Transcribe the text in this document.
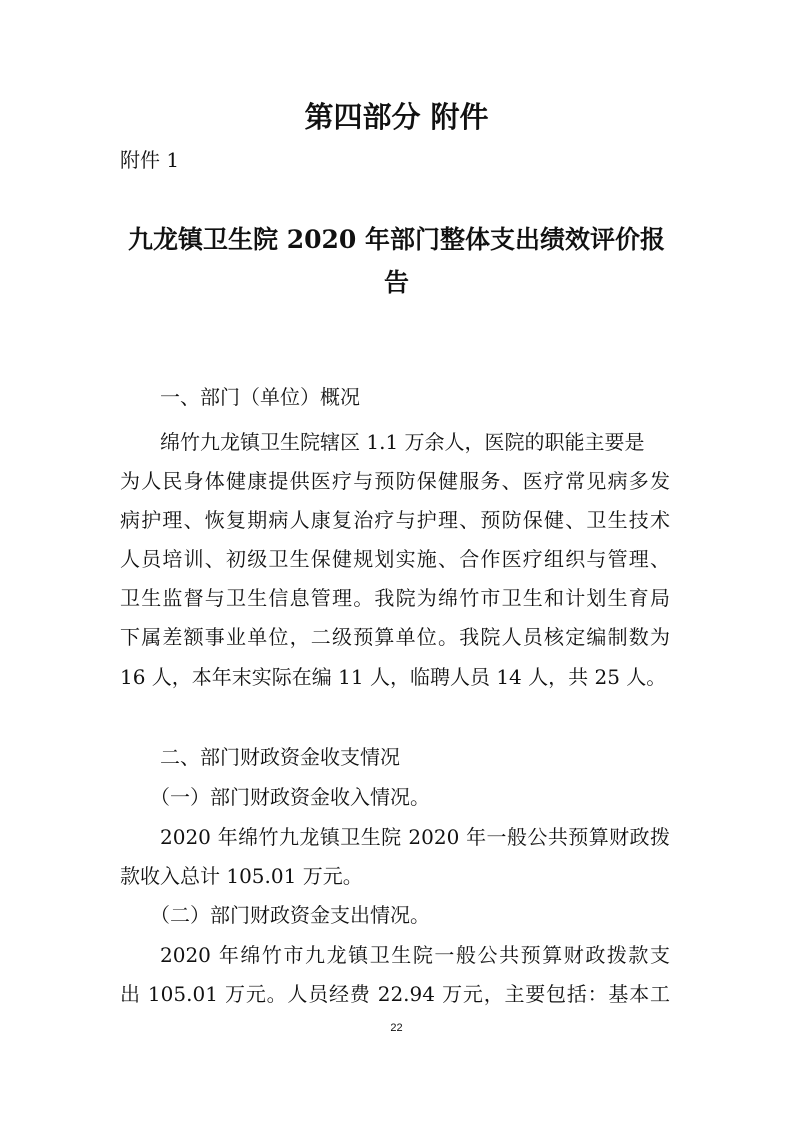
第四部分 附件
附件 1
九龙镇卫生院 2020 年部门整体支出绩效评价报
告
一、部门（单位）概况

绵竹九龙镇卫生院辖区 1.1 万余人，医院的职能主要是

为人民身体健康提供医疗与预防保健服务、医疗常见病多发

病护理、恢复期病人康复治疗与护理、预防保健、卫生技术

人员培训、初级卫生保健规划实施、合作医疗组织与管理、

卫生监督与卫生信息管理。我院为绵竹市卫生和计划生育局

下属差额事业单位，二级预算单位。我院人员核定编制数为

16 人，本年末实际在编 11 人，临聘人员 14 人，共 25 人。

二、部门财政资金收支情况
（一）部门财政资金收入情况。

2020 年绵竹九龙镇卫生院 2020 年一般公共预算财政拨

款收入总计 105.01 万元。

（二）部门财政资金支出情况。

2020 年绵竹市九龙镇卫生院一般公共预算财政拨款支

出 105.01 万元。人员经费 22.94 万元，主要包括：基本工

22
